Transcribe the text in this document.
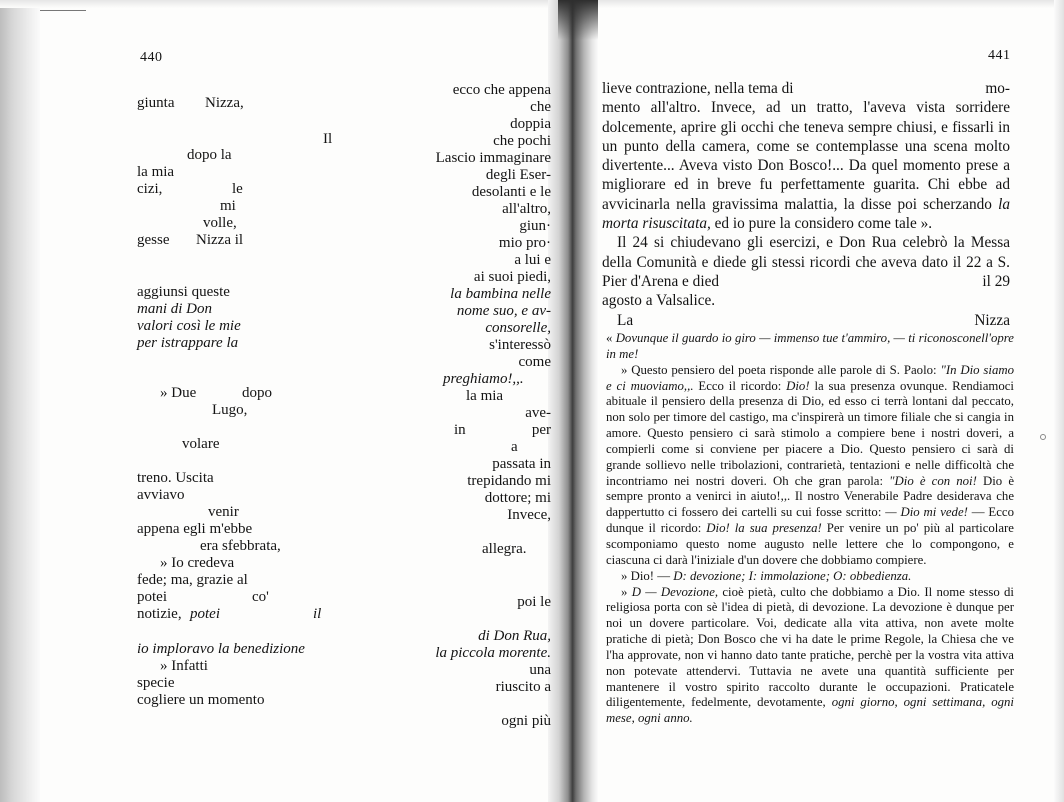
440
giunta Nizza,
Il
dopo la
la mia
cizi,	le
mi
volle,
gesse Nizza il
aggiunsi queste
mani di Don
valori così le mie
per istrappare la
» Due	dopo
Lugo,
volare
treno. Uscita
avviavo
venir
appena egli m'ebbe
era sfebbrata,
» Io credeva
fede; ma, grazie al
potei	co'
notizie, potei	il
io imploravo la benedizione
» Infatti
specie
cogliere un momento
ecco che appena
che
doppia
che pochi
Lascio immaginare
degli Eser-
desolanti e le
all'altro,
giun·
mio pro·
a lui e
ai suoi piedi,
la bambina nelle
nome suo, e av-
consorelle,
s'interessò
come
preghiamo!,,.
la mia
ave-
in	per
a
passata in
trepidando mi
dottore; mi
Invece,
allegra.
poi le
di Don Rua,
la piccola morente.
una
riuscito a
ogni più
441

lieve contrazione, nella tema di	mo-

mento all'altro. Invece, ad un tratto, l'aveva vista sorridere dolcemente, aprire gli occhi che teneva sempre chiusi, e fissarli in un punto della camera, come se contemplasse una scena molto divertente... Aveva visto Don Bosco!... Da quel momento prese a migliorare ed in breve fu perfettamente guarita. Chi ebbe ad avvicinarla nella gravissima malattia, la disse poi scherzando la morta risuscitata, ed io pure la considero come tale ».

Il 24 si chiudevano gli esercizi, e Don Rua celebrò la Messa della Comunità e diede gli stessi ricordi che aveva dato il 22 a S. Pier d'Arena e died	il 29

agosto a Valsalice.

La	Nizza

« Dovunque il guardo io giro — immenso	nell'opre
tue t'ammiro, — ti riconosco in me!

» Questo pensiero del poeta risponde alle parole di S. Paolo: "In Dio siamo e ci muoviamo,,. Ecco il ricordo: Dio! la sua presenza ovunque. Rendiamoci abituale il pensiero della presenza di Dio, ed esso ci terrà lontani dal peccato, non solo per timore del castigo, ma c'inspirerà un timore filiale che si cangia in amore. Questo pensiero ci sarà stimolo a compiere bene i nostri doveri, a compierli come si conviene per piacere a Dio. Questo pensiero ci sarà di grande sollievo nelle tribolazioni, contrarietà, tentazioni e nelle difficoltà che incontriamo nei nostri doveri. Oh che gran parola: "Dio è con noi! Dio è sempre pronto a venirci in aiuto!,,. Il nostro Venerabile Padre desiderava che dappertutto ci fossero dei cartelli su cui fosse scritto: — Dio mi vede! — Ecco dunque il ricordo: Dio! la sua presenza! Per venire un po' più al particolare scomponiamo questo nome augusto nelle lettere che lo compongono, e ciascuna ci darà l'iniziale d'un dovere che dobbiamo compiere.

» Dio! — D: devozione; I: immolazione; O: obbedienza.

» D — Devozione, cioè pietà, culto che dobbiamo a Dio. Il nome stesso di religiosa porta con sè l'idea di pietà, di devozione. La devozione è dunque per noi un dovere particolare. Voi, dedicate alla vita attiva, non avete molte pratiche di pietà; Don Bosco che vi ha date le prime Regole, la Chiesa che ve l'ha approvate, non vi hanno dato tante pratiche, perchè per la vostra vita attiva non potevate attendervi. Tuttavia ne avete una quantità sufficiente per mantenere il vostro spirito raccolto durante le occupazioni. Praticatele diligentemente, fedelmente, devotamente, ogni giorno, ogni settimana, ogni mese, ogni anno.
